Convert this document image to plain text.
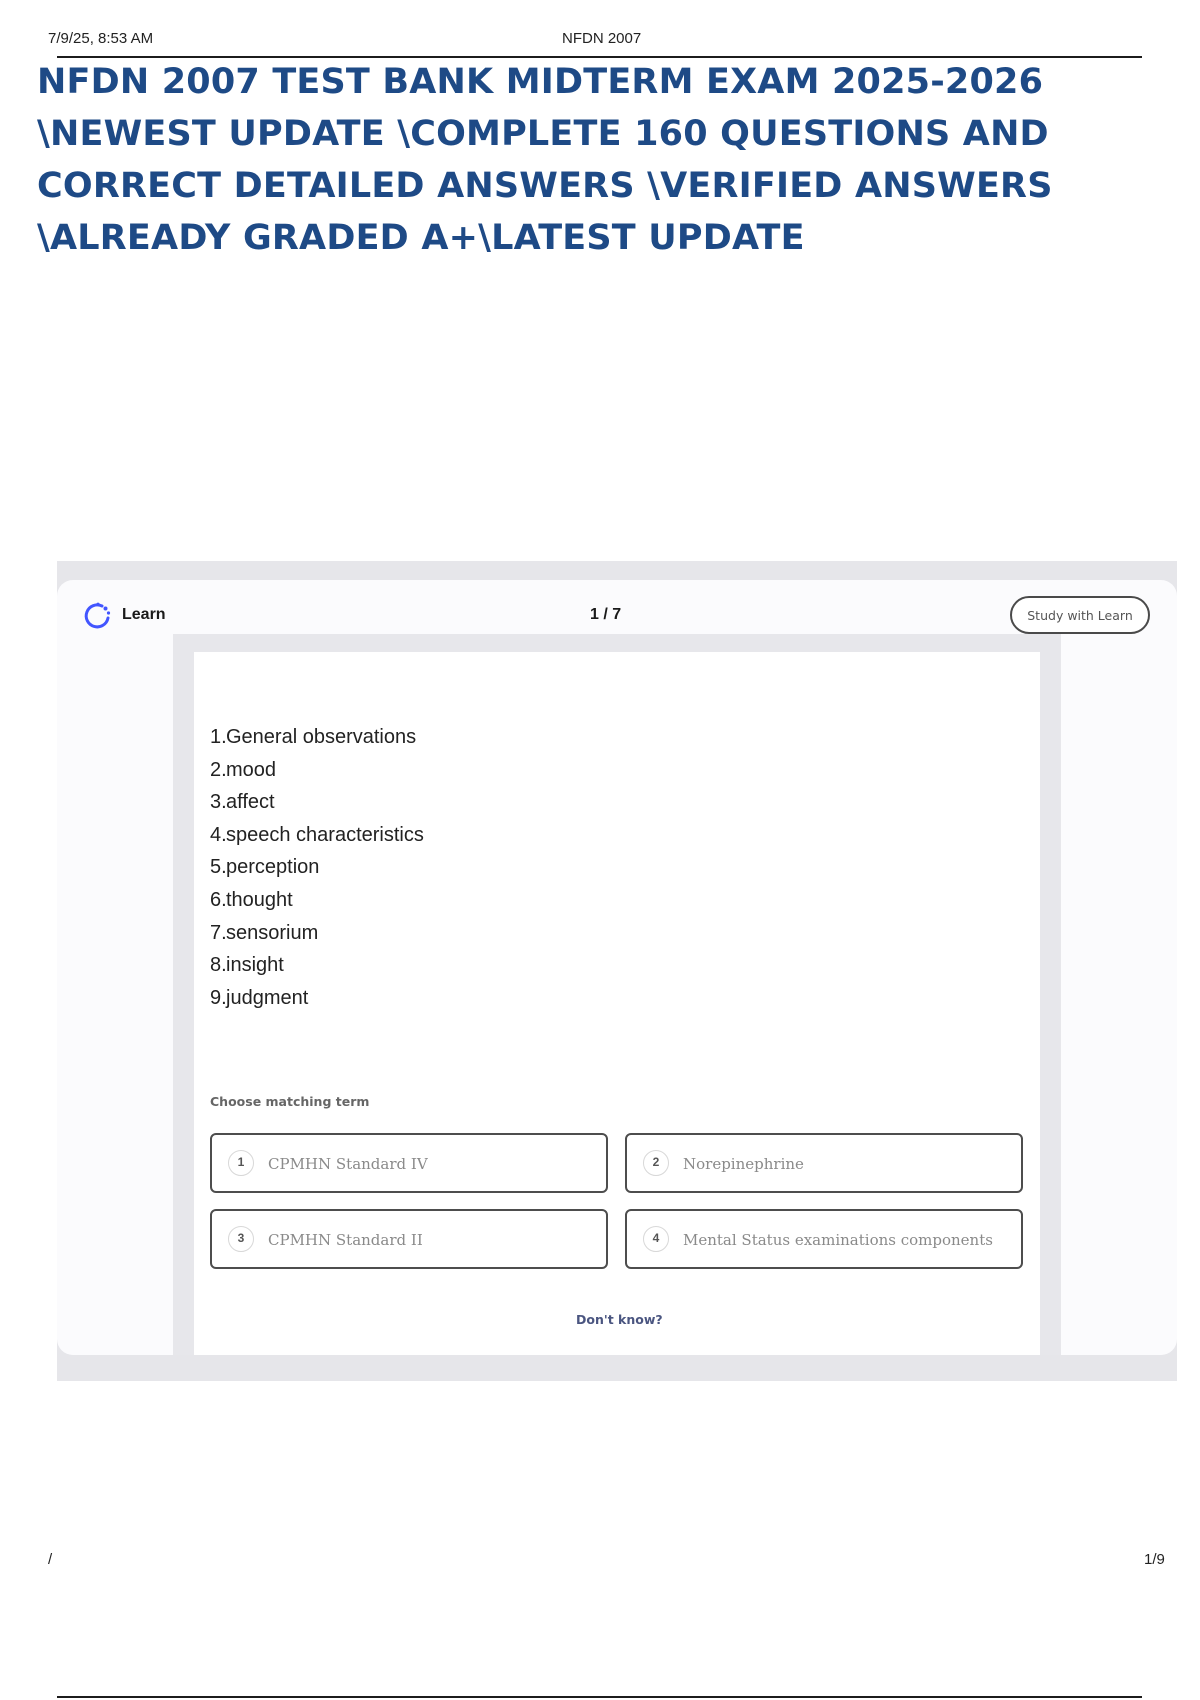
7/9/25, 8:53 AM	NFDN 2007
NFDN 2007 TEST BANK MIDTERM EXAM 2025-2026
\NEWEST UPDATE \COMPLETE 160 QUESTIONS AND
CORRECT DETAILED ANSWERS \VERIFIED ANSWERS
\ALREADY GRADED A+\LATEST UPDATE
Learn	1 / 7	Study with Learn
1.General observations
2.mood
3.affect
4.speech characteristics
5.perception
6.thought
7.sensorium
8.insight
9.judgment
Choose matching term
1	CPMHN Standard IV	2	Norepinephrine
3	CPMHN Standard II	4	Mental Status examinations components
Don't know?
/	1/9
